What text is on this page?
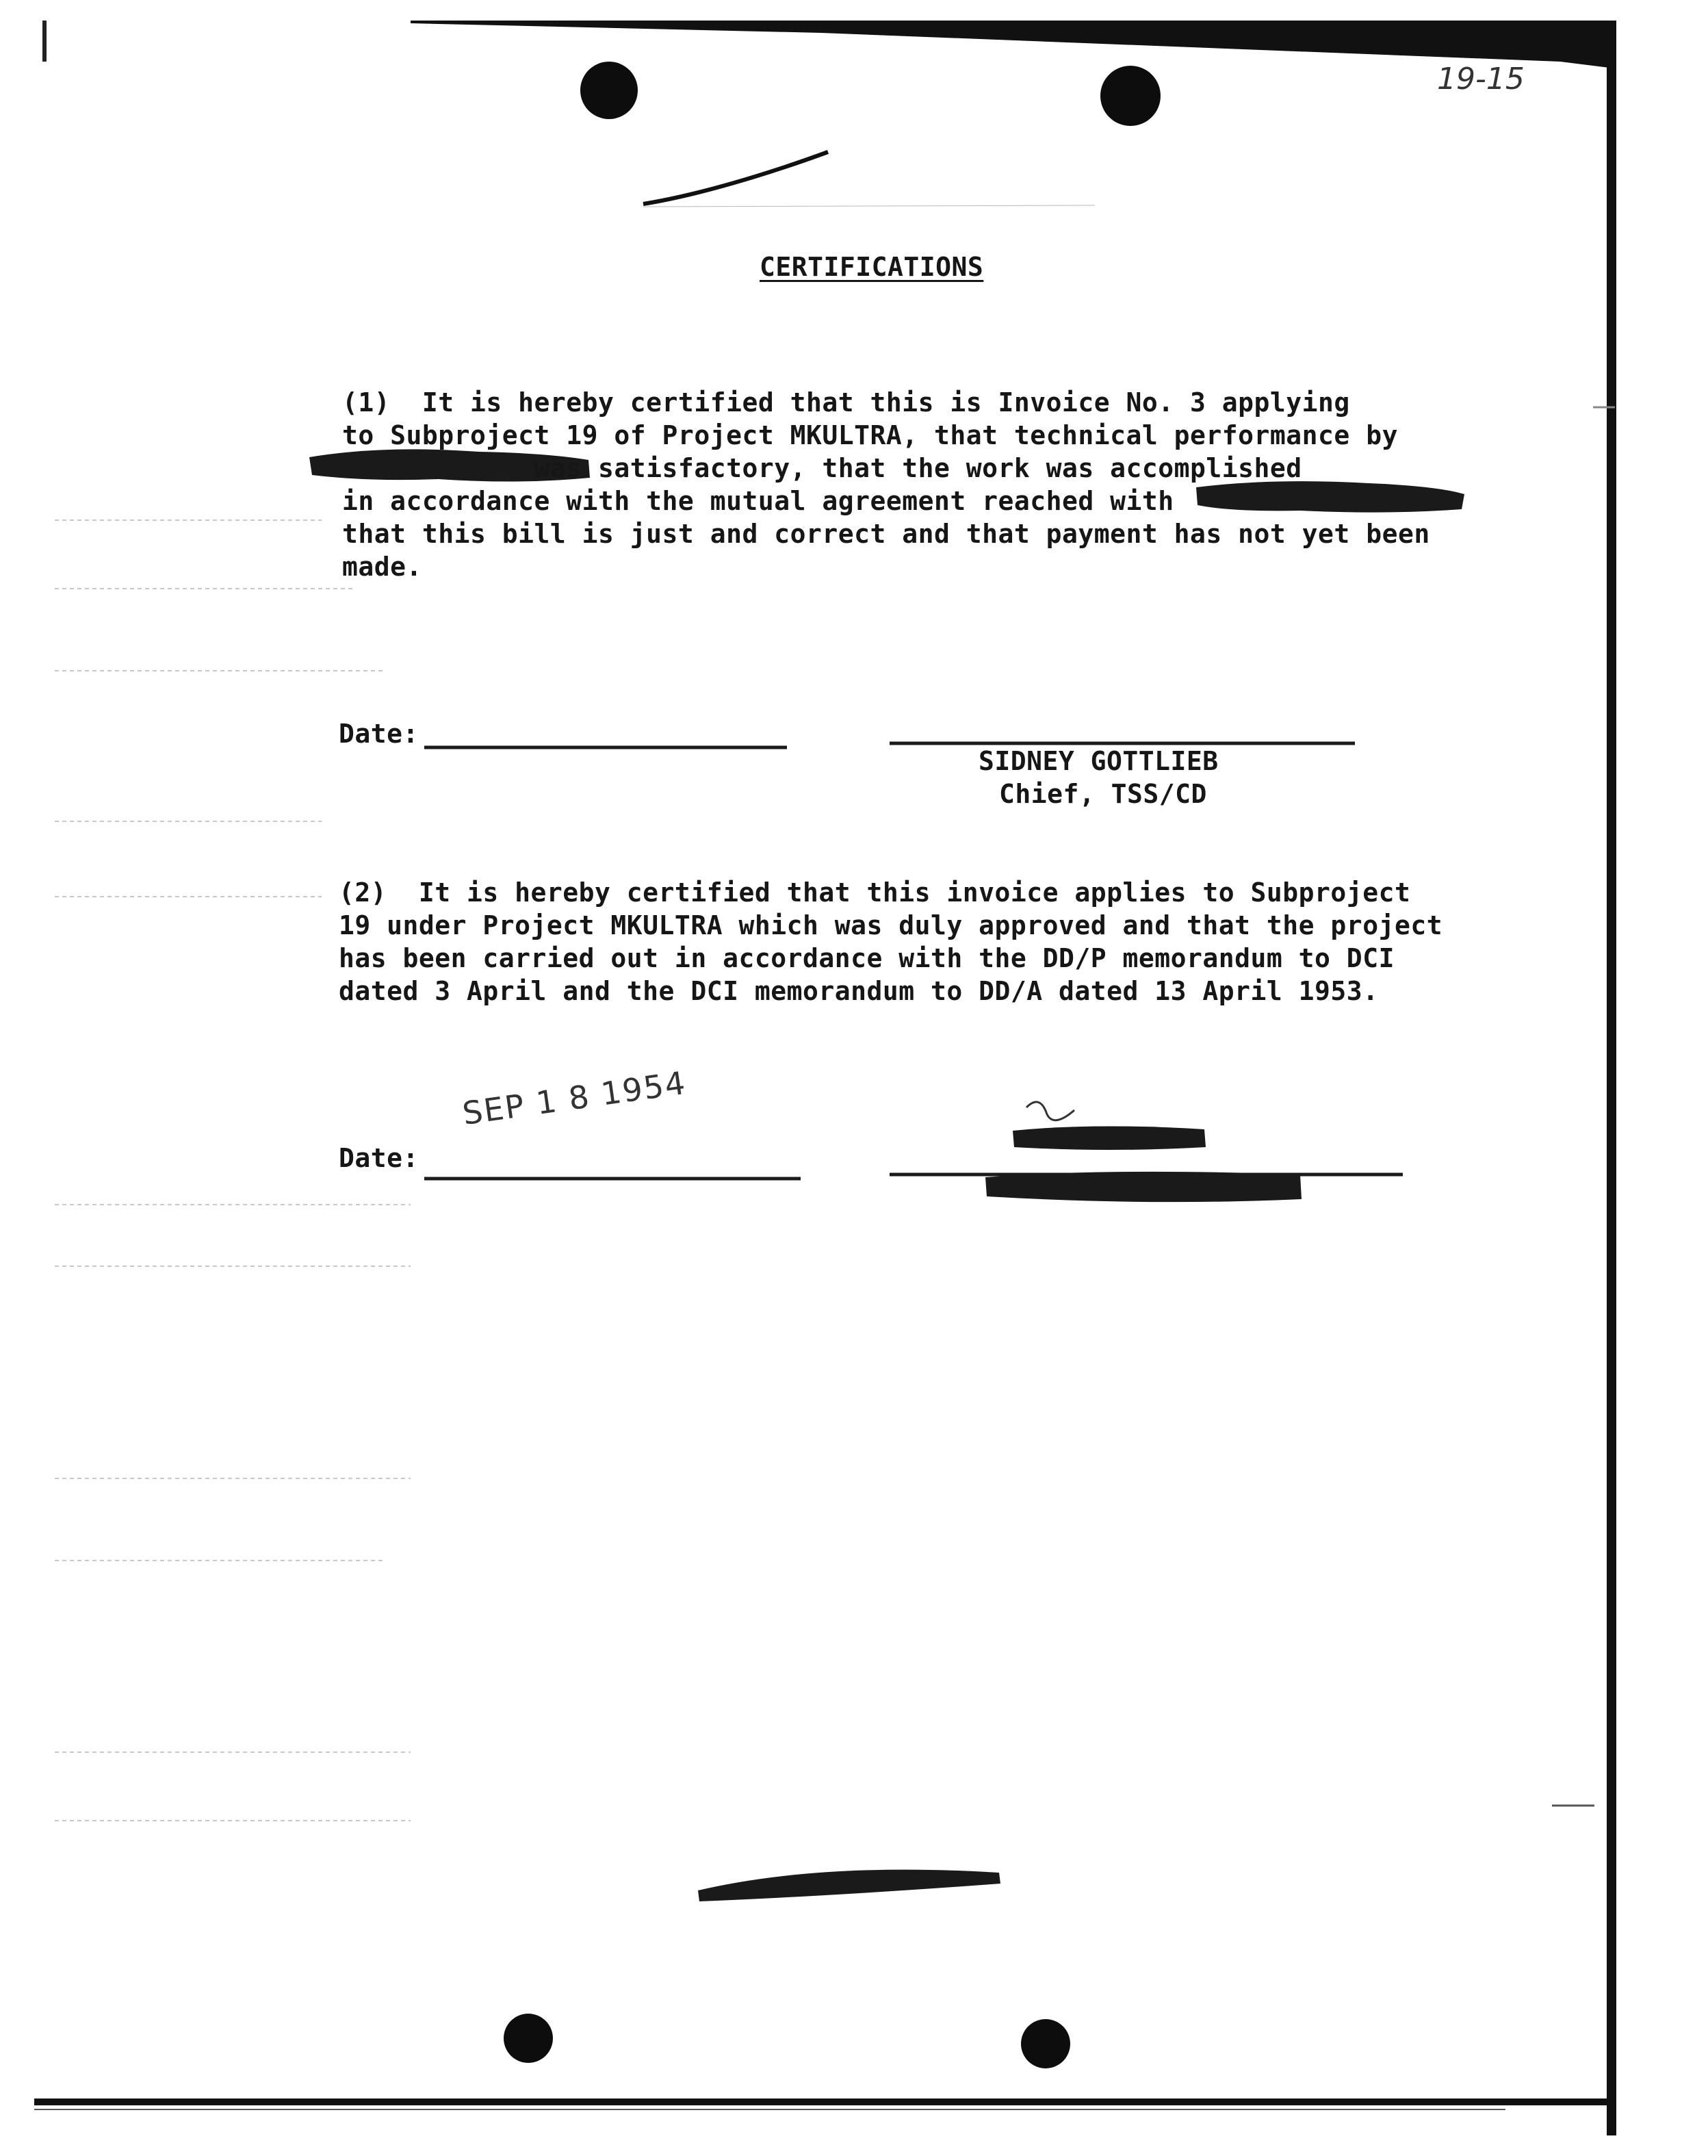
19-15
CERTIFICATIONS
(1)  It is hereby certified that this is Invoice No. 3 applying
to Subproject 19 of Project MKULTRA, that technical performance by
was satisfactory, that the work was accomplished
in accordance with the mutual agreement reached with
that this bill is just and correct and that payment has not yet been
made.
Date:
SIDNEY GOTTLIEB
Chief, TSS/CD
(2)  It is hereby certified that this invoice applies to Subproject
19 under Project MKULTRA which was duly approved and that the project
has been carried out in accordance with the DD/P memorandum to DCI
dated 3 April and the DCI memorandum to DD/A dated 13 April 1953.
SEP 1 8 1954
Date:
